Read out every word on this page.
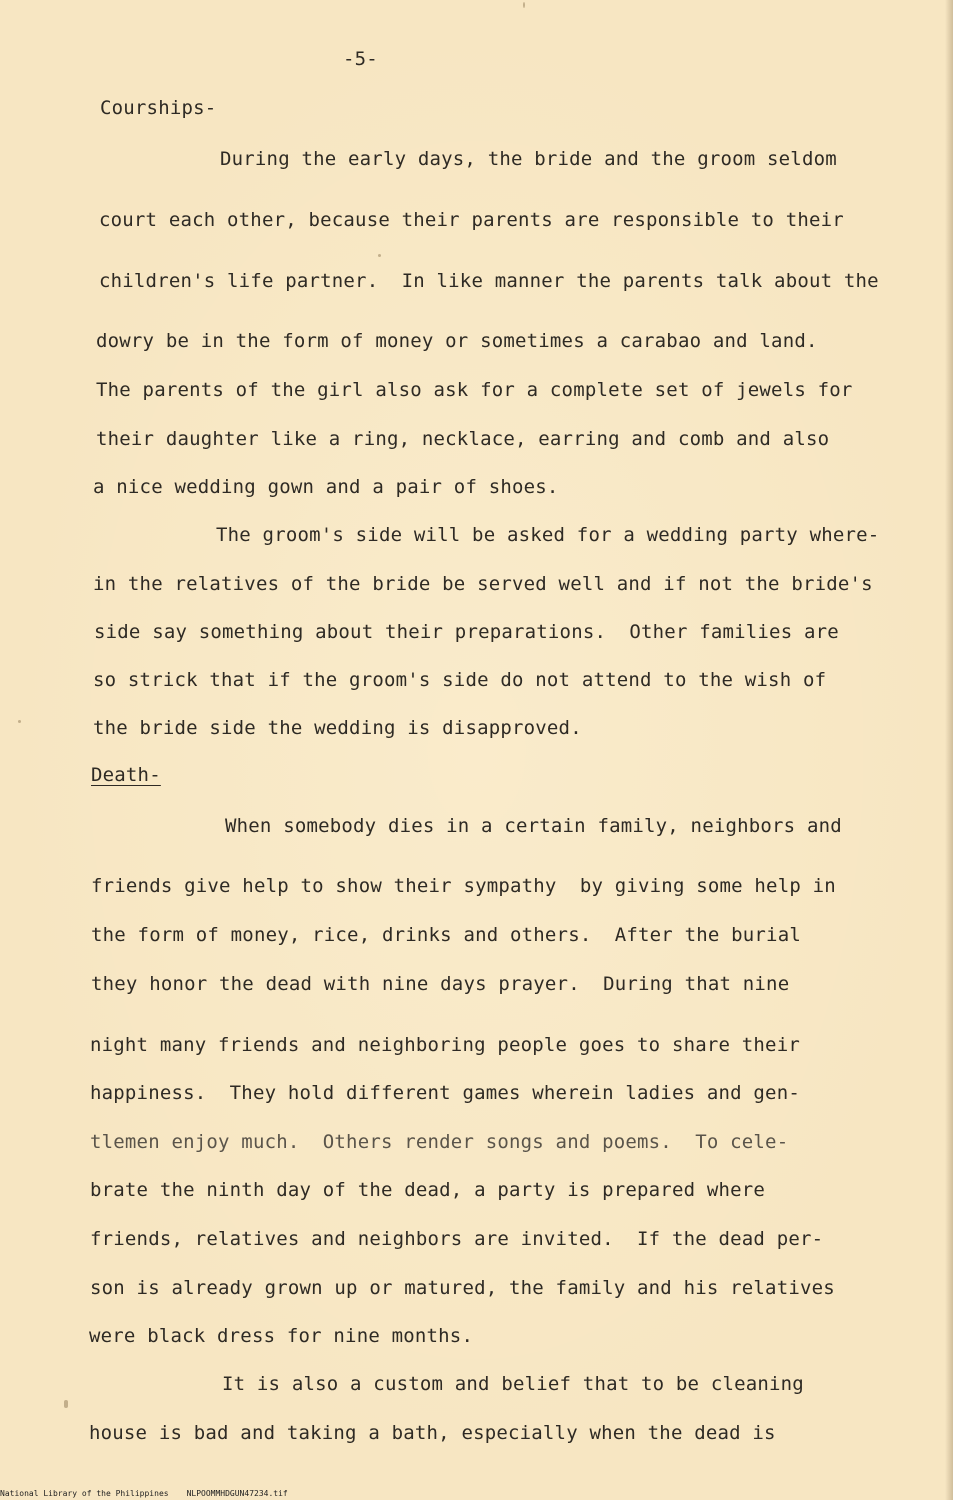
-5-
Courships-
During the early days, the bride and the groom seldom
court each other, because their parents are responsible to their
children's life partner.  In like manner the parents talk about the
dowry be in the form of money or sometimes a carabao and land.
The parents of the girl also ask for a complete set of jewels for
their daughter like a ring, necklace, earring and comb and also
a nice wedding gown and a pair of shoes.
The groom's side will be asked for a wedding party where-
in the relatives of the bride be served well and if not the bride's
side say something about their preparations.  Other families are
so strick that if the groom's side do not attend to the wish of
the bride side the wedding is disapproved.
Death-
When somebody dies in a certain family, neighbors and
friends give help to show their sympathy  by giving some help in
the form of money, rice, drinks and others.  After the burial
they honor the dead with nine days prayer.  During that nine
night many friends and neighboring people goes to share their
happiness.  They hold different games wherein ladies and gen-
tlemen enjoy much.  Others render songs and poems.  To cele-
brate the ninth day of the dead, a party is prepared where
friends, relatives and neighbors are invited.  If the dead per-
son is already grown up or matured, the family and his relatives
were black dress for nine months.
It is also a custom and belief that to be cleaning
house is bad and taking a bath, especially when the dead is
National Library of the Philippines NLPOOMMHDGUN47234.tif
